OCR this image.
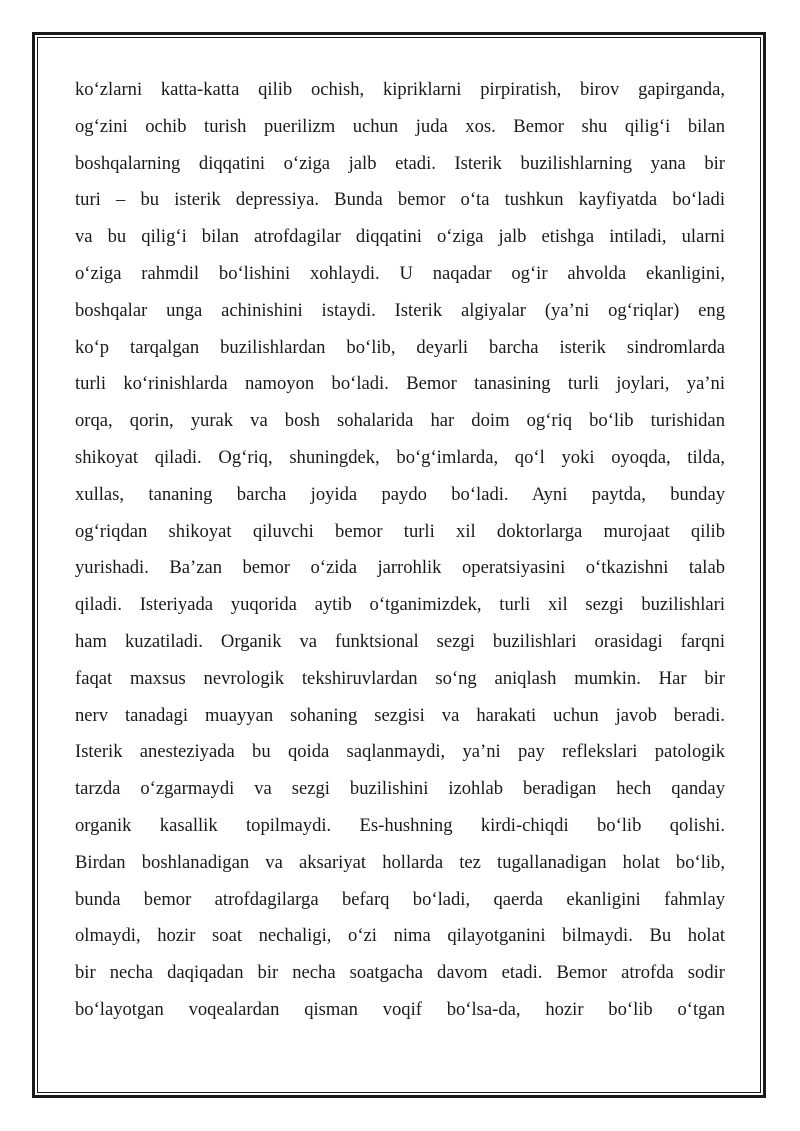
ko‘zlarni katta-katta qilib ochish, kipriklarni pirpiratish, birov gapirganda,
og‘zini ochib turish puerilizm uchun juda xos. Bemor shu qilig‘i bilan
boshqalarning diqqatini o‘ziga jalb etadi. Isterik buzilishlarning yana bir
turi – bu isterik depressiya. Bunda bemor o‘ta tushkun kayfiyatda bo‘ladi
va bu qilig‘i bilan atrofdagilar diqqatini o‘ziga jalb etishga intiladi, ularni
o‘ziga rahmdil bo‘lishini xohlaydi. U naqadar og‘ir ahvolda ekanligini,
boshqalar unga achinishini istaydi. Isterik algiyalar (ya’ni og‘riqlar) eng
ko‘p tarqalgan buzilishlardan bo‘lib, deyarli barcha isterik sindromlarda
turli ko‘rinishlarda namoyon bo‘ladi. Bemor tanasining turli joylari, ya’ni
orqa, qorin, yurak va bosh sohalarida har doim og‘riq bo‘lib turishidan
shikoyat qiladi. Og‘riq, shuningdek, bo‘g‘imlarda, qo‘l yoki oyoqda, tilda,
xullas, tananing barcha joyida paydo bo‘ladi. Ayni paytda, bunday
og‘riqdan shikoyat qiluvchi bemor turli xil doktorlarga murojaat qilib
yurishadi. Ba’zan bemor o‘zida jarrohlik operatsiyasini o‘tkazishni talab
qiladi. Isteriyada yuqorida aytib o‘tganimizdek, turli xil sezgi buzilishlari
ham kuzatiladi. Organik va funktsional sezgi buzilishlari orasidagi farqni
faqat maxsus nevrologik tekshiruvlardan so‘ng aniqlash mumkin. Har bir
nerv tanadagi muayyan sohaning sezgisi va harakati uchun javob beradi.
Isterik anesteziyada bu qoida saqlanmaydi, ya’ni pay reflekslari patologik
tarzda o‘zgarmaydi va sezgi buzilishini izohlab beradigan hech qanday
organik kasallik topilmaydi. Es-hushning kirdi-chiqdi bo‘lib qolishi.
Birdan boshlanadigan va aksariyat hollarda tez tugallanadigan holat bo‘lib,
bunda bemor atrofdagilarga befarq bo‘ladi, qaerda ekanligini fahmlay
olmaydi, hozir soat nechaligi, o‘zi nima qilayotganini bilmaydi. Bu holat
bir necha daqiqadan bir necha soatgacha davom etadi. Bemor atrofda sodir
bo‘layotgan voqealardan qisman voqif bo‘lsa-da, hozir bo‘lib o‘tgan
